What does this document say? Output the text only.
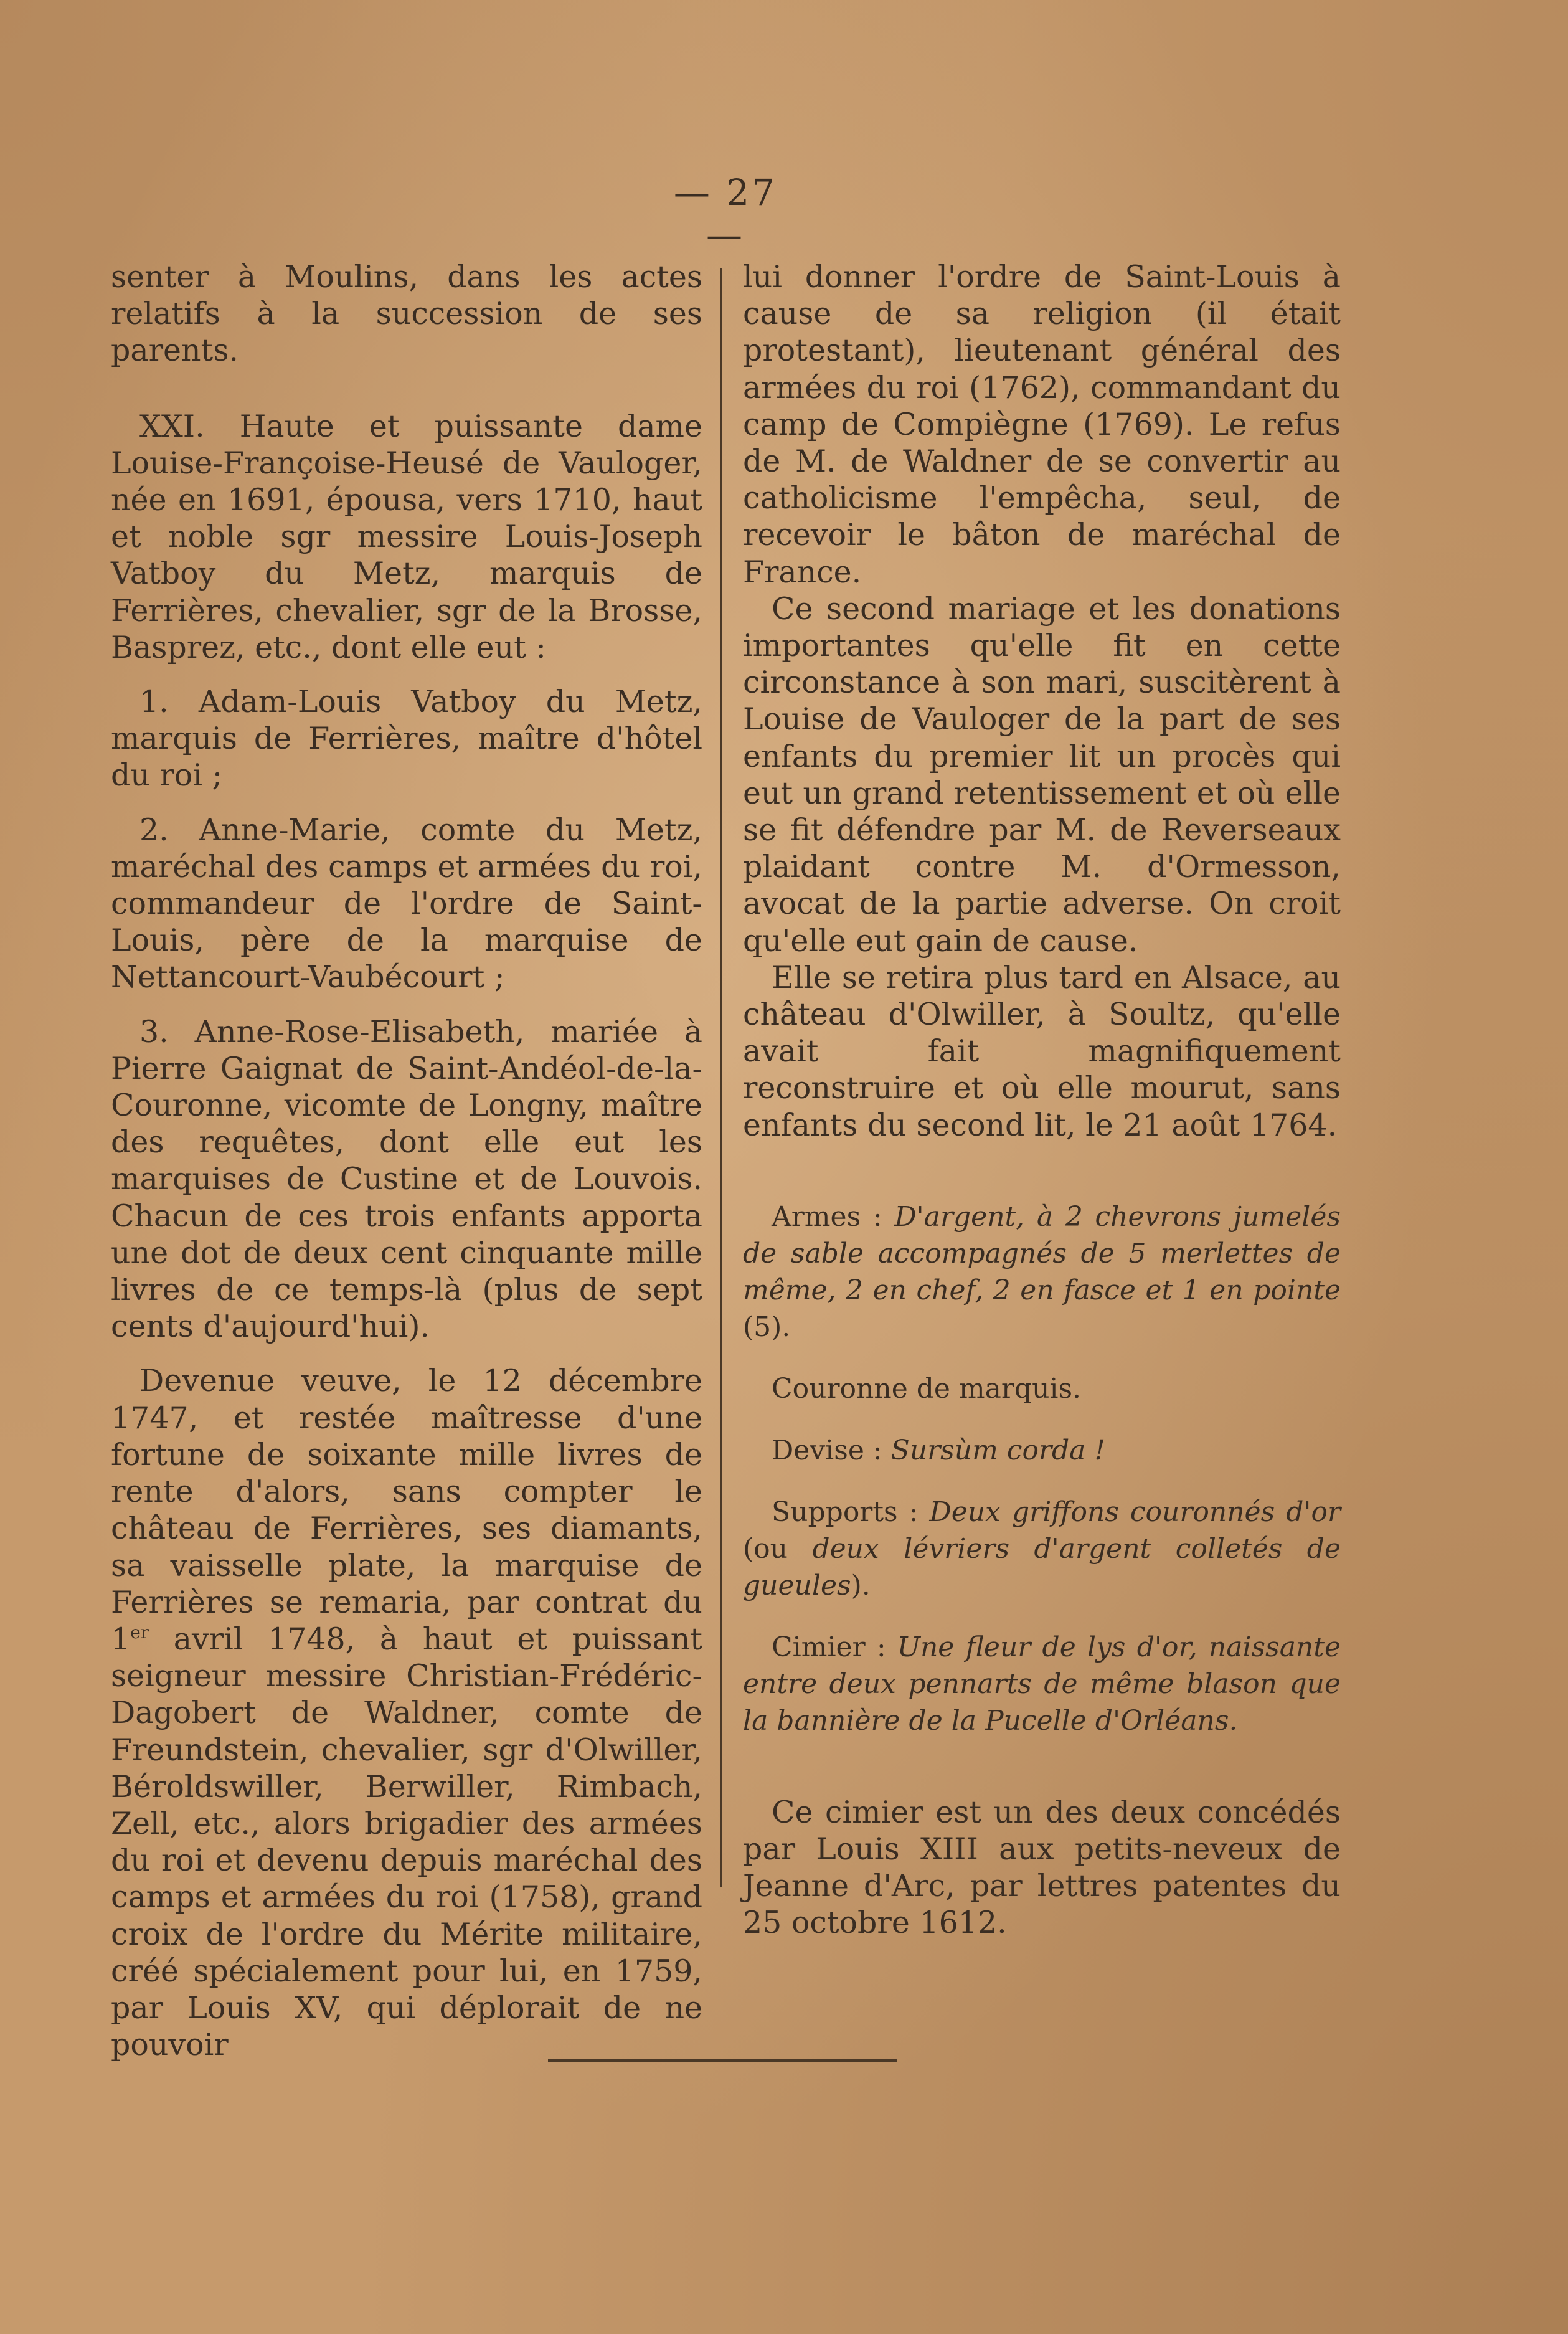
— 27 —

senter à Moulins, dans les actes relatifs à la succession de ses parents.

XXI. Haute et puissante dame Louise-Françoise-Heusé de Vauloger, née en 1691, épousa, vers 1710, haut et noble sgr messire Louis-Joseph Vatboy du Metz, marquis de Ferrières, chevalier, sgr de la Brosse, Basprez, etc., dont elle eut :

1. Adam-Louis Vatboy du Metz, marquis de Ferrières, maître d'hôtel du roi ;

2. Anne-Marie, comte du Metz, maréchal des camps et armées du roi, commandeur de l'ordre de Saint-Louis, père de la marquise de Nettancourt-Vaubécourt ;

3. Anne-Rose-Elisabeth, mariée à Pierre Gaignat de Saint-Andéol-de-la-Couronne, vicomte de Longny, maître des requêtes, dont elle eut les marquises de Custine et de Louvois. Chacun de ces trois enfants apporta une dot de deux cent cinquante mille livres de ce temps-là (plus de sept cents d'aujourd'hui).

Devenue veuve, le 12 décembre 1747, et restée maîtresse d'une fortune de soixante mille livres de rente d'alors, sans compter le château de Ferrières, ses diamants, sa vaisselle plate, la marquise de Ferrières se remaria, par contrat du 1er avril 1748, à haut et puissant seigneur messire Christian-Frédéric-Dagobert de Waldner, comte de Freundstein, chevalier, sgr d'Olwiller, Béroldswiller, Berwiller, Rimbach, Zell, etc., alors brigadier des armées du roi et devenu depuis maréchal des camps et armées du roi (1758), grand croix de l'ordre du Mérite militaire, créé spécialement pour lui, en 1759, par Louis XV, qui déplorait de ne pouvoir

lui donner l'ordre de Saint-Louis à cause de sa religion (il était protestant), lieutenant général des armées du roi (1762), commandant du camp de Compiègne (1769). Le refus de M. de Waldner de se convertir au catholicisme l'empêcha, seul, de recevoir le bâton de maréchal de France.

Ce second mariage et les donations importantes qu'elle fit en cette circonstance à son mari, suscitèrent à Louise de Vauloger de la part de ses enfants du premier lit un procès qui eut un grand retentissement et où elle se fit défendre par M. de Reverseaux plaidant contre M. d'Ormesson, avocat de la partie adverse. On croit qu'elle eut gain de cause.

Elle se retira plus tard en Alsace, au château d'Olwiller, à Soultz, qu'elle avait fait magnifiquement reconstruire et où elle mourut, sans enfants du second lit, le 21 août 1764.

Armes : D'argent, à 2 chevrons jumelés de sable accompagnés de 5 merlettes de même, 2 en chef, 2 en fasce et 1 en pointe (5).

Couronne de marquis.

Devise : Sursùm corda !

Supports : Deux griffons couronnés d'or (ou deux lévriers d'argent colletés de gueules).

Cimier : Une fleur de lys d'or, naissante entre deux pennarts de même blason que la bannière de la Pucelle d'Orléans.

Ce cimier est un des deux concédés par Louis XIII aux petits-neveux de Jeanne d'Arc, par lettres patentes du 25 octobre 1612.
